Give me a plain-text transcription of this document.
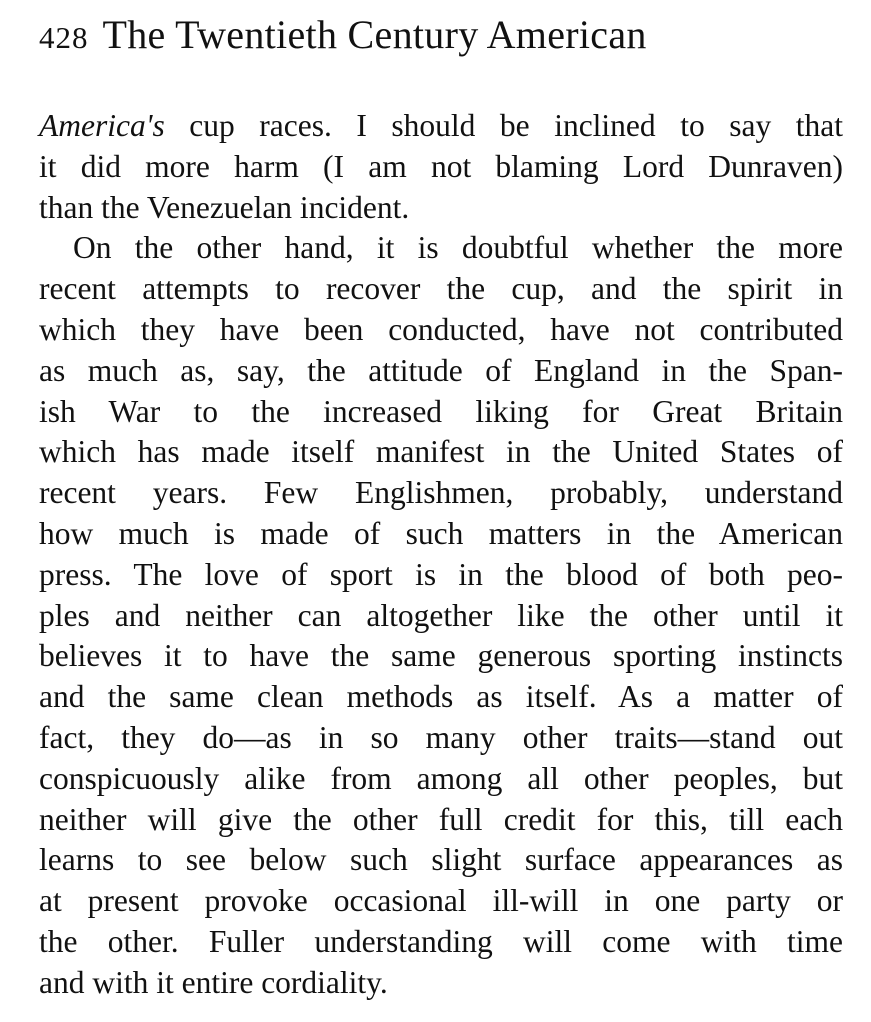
428 The Twentieth Century American
America's cup races. I should be inclined to say that
it did more harm (I am not blaming Lord Dunraven)
than the Venezuelan incident.
On the other hand, it is doubtful whether the more
recent attempts to recover the cup, and the spirit in
which they have been conducted, have not contributed
as much as, say, the attitude of England in the Span-
ish War to the increased liking for Great Britain
which has made itself manifest in the United States of
recent years. Few Englishmen, probably, understand
how much is made of such matters in the American
press. The love of sport is in the blood of both peo-
ples and neither can altogether like the other until it
believes it to have the same generous sporting instincts
and the same clean methods as itself. As a matter of
fact, they do—as in so many other traits—stand out
conspicuously alike from among all other peoples, but
neither will give the other full credit for this, till each
learns to see below such slight surface appearances as
at present provoke occasional ill-will in one party or
the other. Fuller understanding will come with time
and with it entire cordiality.
